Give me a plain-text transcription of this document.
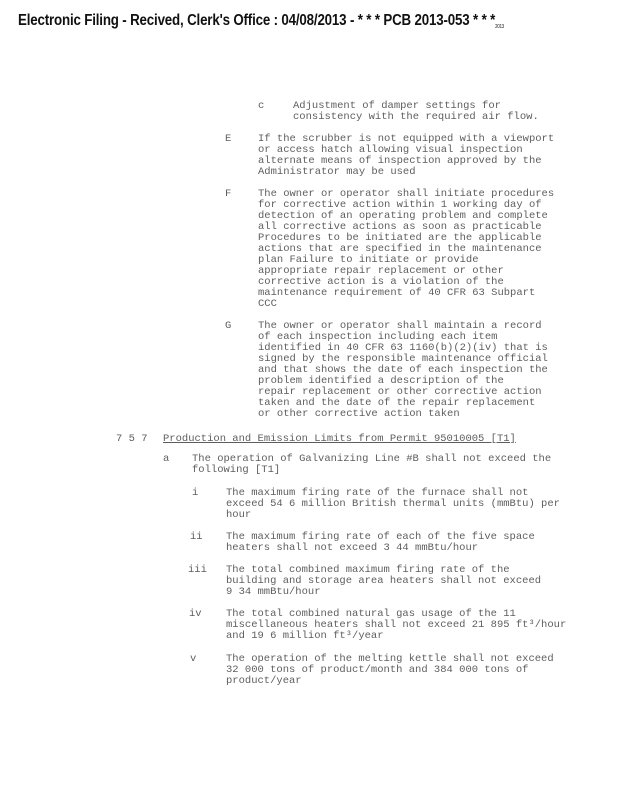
Electronic Filing - Recived, Clerk's Office : 04/08/2013 - * * * PCB 2013-053 * * *2013
c	Adjustment of damper settings for
consistency with the required air flow.
E	If the scrubber is not equipped with a viewport
or access hatch allowing visual inspection
alternate means of inspection approved by the
Administrator may be used
F	The owner or operator shall initiate procedures
for corrective action within 1 working day of
detection of an operating problem and complete
all corrective actions as soon as practicable
Procedures to be initiated are the applicable
actions that are specified in the maintenance
plan Failure to initiate or provide
appropriate repair replacement or other
corrective action is a violation of the
maintenance requirement of 40 CFR 63 Subpart
CCC
G	The owner or operator shall maintain a record
of each inspection including each item
identified in 40 CFR 63 1160(b)(2)(iv) that is
signed by the responsible maintenance official
and that shows the date of each inspection the
problem identified a description of the
repair replacement or other corrective action
taken and the date of the repair replacement
or other corrective action taken
7 5 7 Production and Emission Limits from Permit 95010005 [T1]
a The operation of Galvanizing Line #B shall not exceed the
following [T1]
i	The maximum firing rate of the furnace shall not
exceed 54 6 million British thermal units (mmBtu) per
hour
ii The maximum firing rate of each of the five space
heaters shall not exceed 3 44 mmBtu/hour
iii The total combined maximum firing rate of the
building and storage area heaters shall not exceed
9 34 mmBtu/hour
iv The total combined natural gas usage of the 11
miscellaneous heaters shall not exceed 21 895 ft³/hour
and 19 6 million ft³/year
v	The operation of the melting kettle shall not exceed
32 000 tons of product/month and 384 000 tons of
product/year
